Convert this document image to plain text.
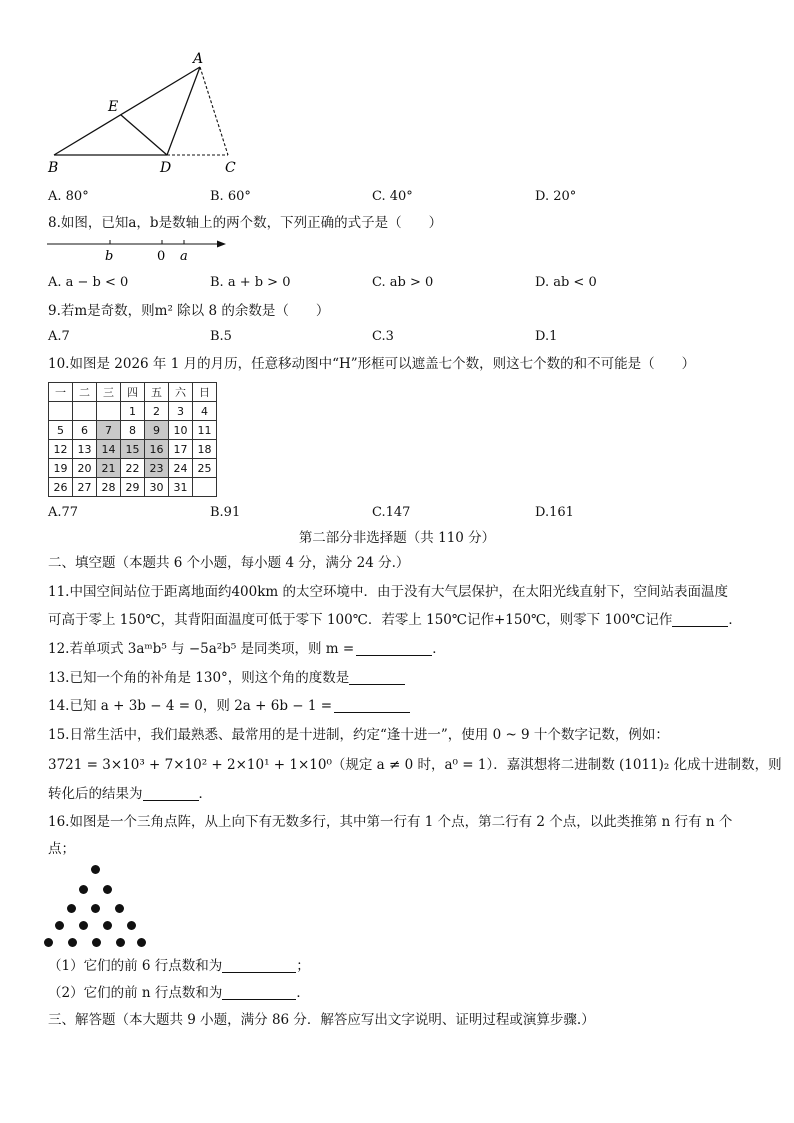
A
E
B	D	C
A. 80°	B. 60°	C. 40°	D. 20°
8.如图，已知a，b是数轴上的两个数，下列正确的式子是（　　）
b	0 a
A. a − b < 0	B. a + b > 0	C. ab > 0	D. ab < 0
9.若m是奇数，则m² 除以 8 的余数是（　　）
A.7	B.5	C.3	D.1
10.如图是 2026 年 1 月的月历，任意移动图中“H”形框可以遮盖七个数，则这七个数的和不可能是（　　）
一	二	三	四	五	六	日
			1	2	3	4
5	6	7	8	9	10	11
12	13	14	15	16	17	18
19	20	21	22	23	24	25
26	27	28	29	30	31	
A.77	B.91	C.147	D.161
第二部分非选择题（共 110 分）
二、填空题（本题共 6 个小题，每小题 4 分，满分 24 分.）
11.中国空间站位于距离地面约400km 的太空环境中．由于没有大气层保护，在太阳光线直射下，空间站表面温度
可高于零上 150℃，其背阳面温度可低于零下 100℃．若零上 150℃记作+150℃，则零下 100℃记作	．
12.若单项式 3aᵐb⁵ 与 −5a²b⁵ 是同类项，则 m =	．
13.已知一个角的补角是 130°，则这个角的度数是
14.已知 a + 3b − 4 = 0，则 2a + 6b − 1 =
15.日常生活中，我们最熟悉、最常用的是十进制，约定“逢十进一”，使用 0 ~ 9 十个数字记数，例如：
3721 = 3×10³ + 7×10² + 2×10¹ + 1×10⁰（规定 a ≠ 0 时，a⁰ = 1）．嘉淇想将二进制数 (1011)₂ 化成十进制数，则
转化后的结果为	．
16.如图是一个三角点阵，从上向下有无数多行，其中第一行有 1 个点，第二行有 2 个点，以此类推第 n 行有 n 个
点；
（1）它们的前 6 行点数和为	；
（2）它们的前 n 行点数和为	．
三、解答题（本大题共 9 小题，满分 86 分．解答应写出文字说明、证明过程或演算步骤.）
